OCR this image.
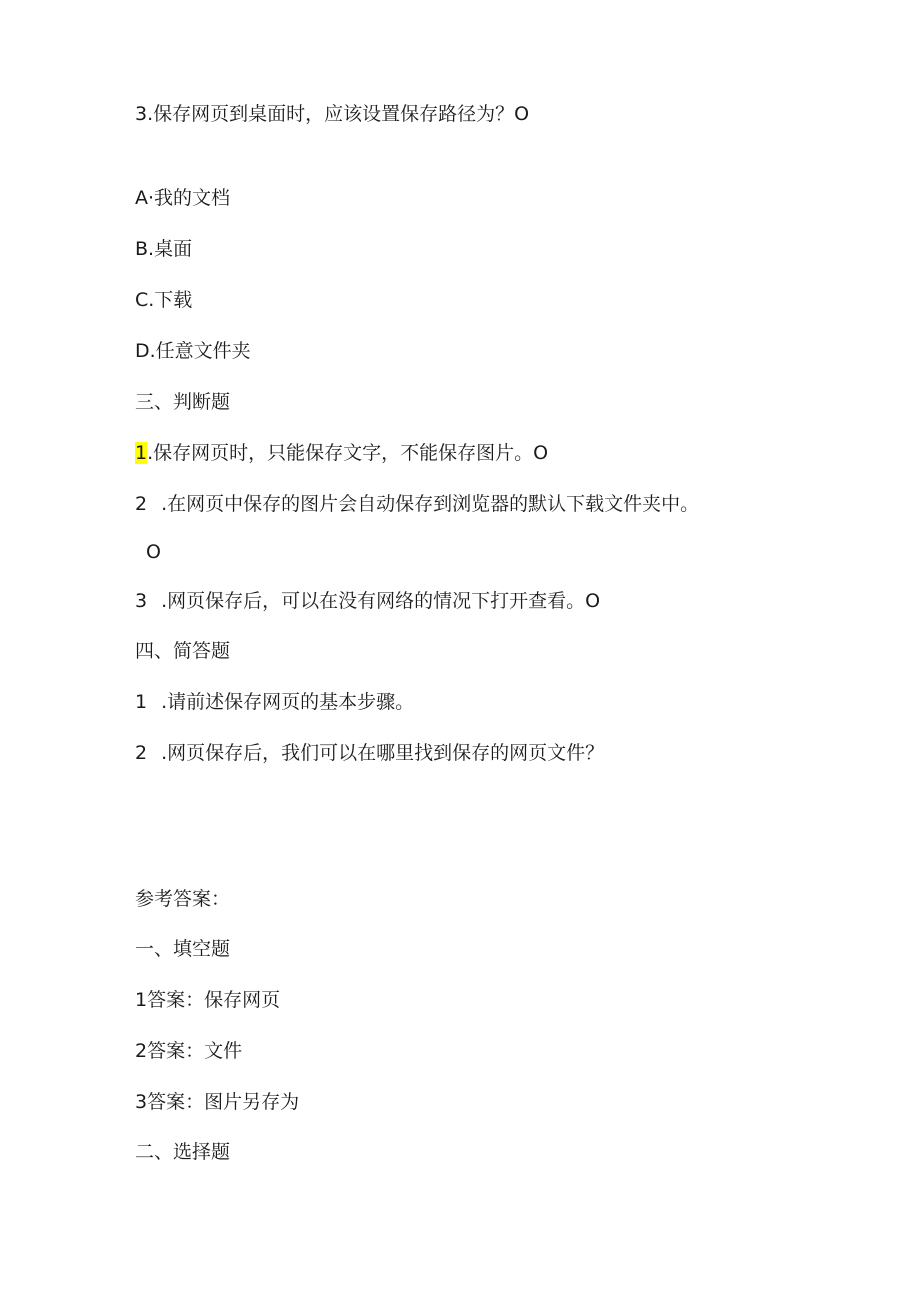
3.保存网页到桌面时，应该设置保存路径为？O
A·我的文档
B.桌面
C.下载
D.任意文件夹
三、判断题
1.保存网页时，只能保存文字，不能保存图片。O
2 .在网页中保存的图片会自动保存到浏览器的默认下载文件夹中。
O
3 .网页保存后，可以在没有网络的情况下打开查看。O
四、简答题
1 .请前述保存网页的基本步骤。
2 .网页保存后，我们可以在哪里找到保存的网页文件？
参考答案：
一、填空题
1答案：保存网页
2答案：文件
3答案：图片另存为
二、选择题
